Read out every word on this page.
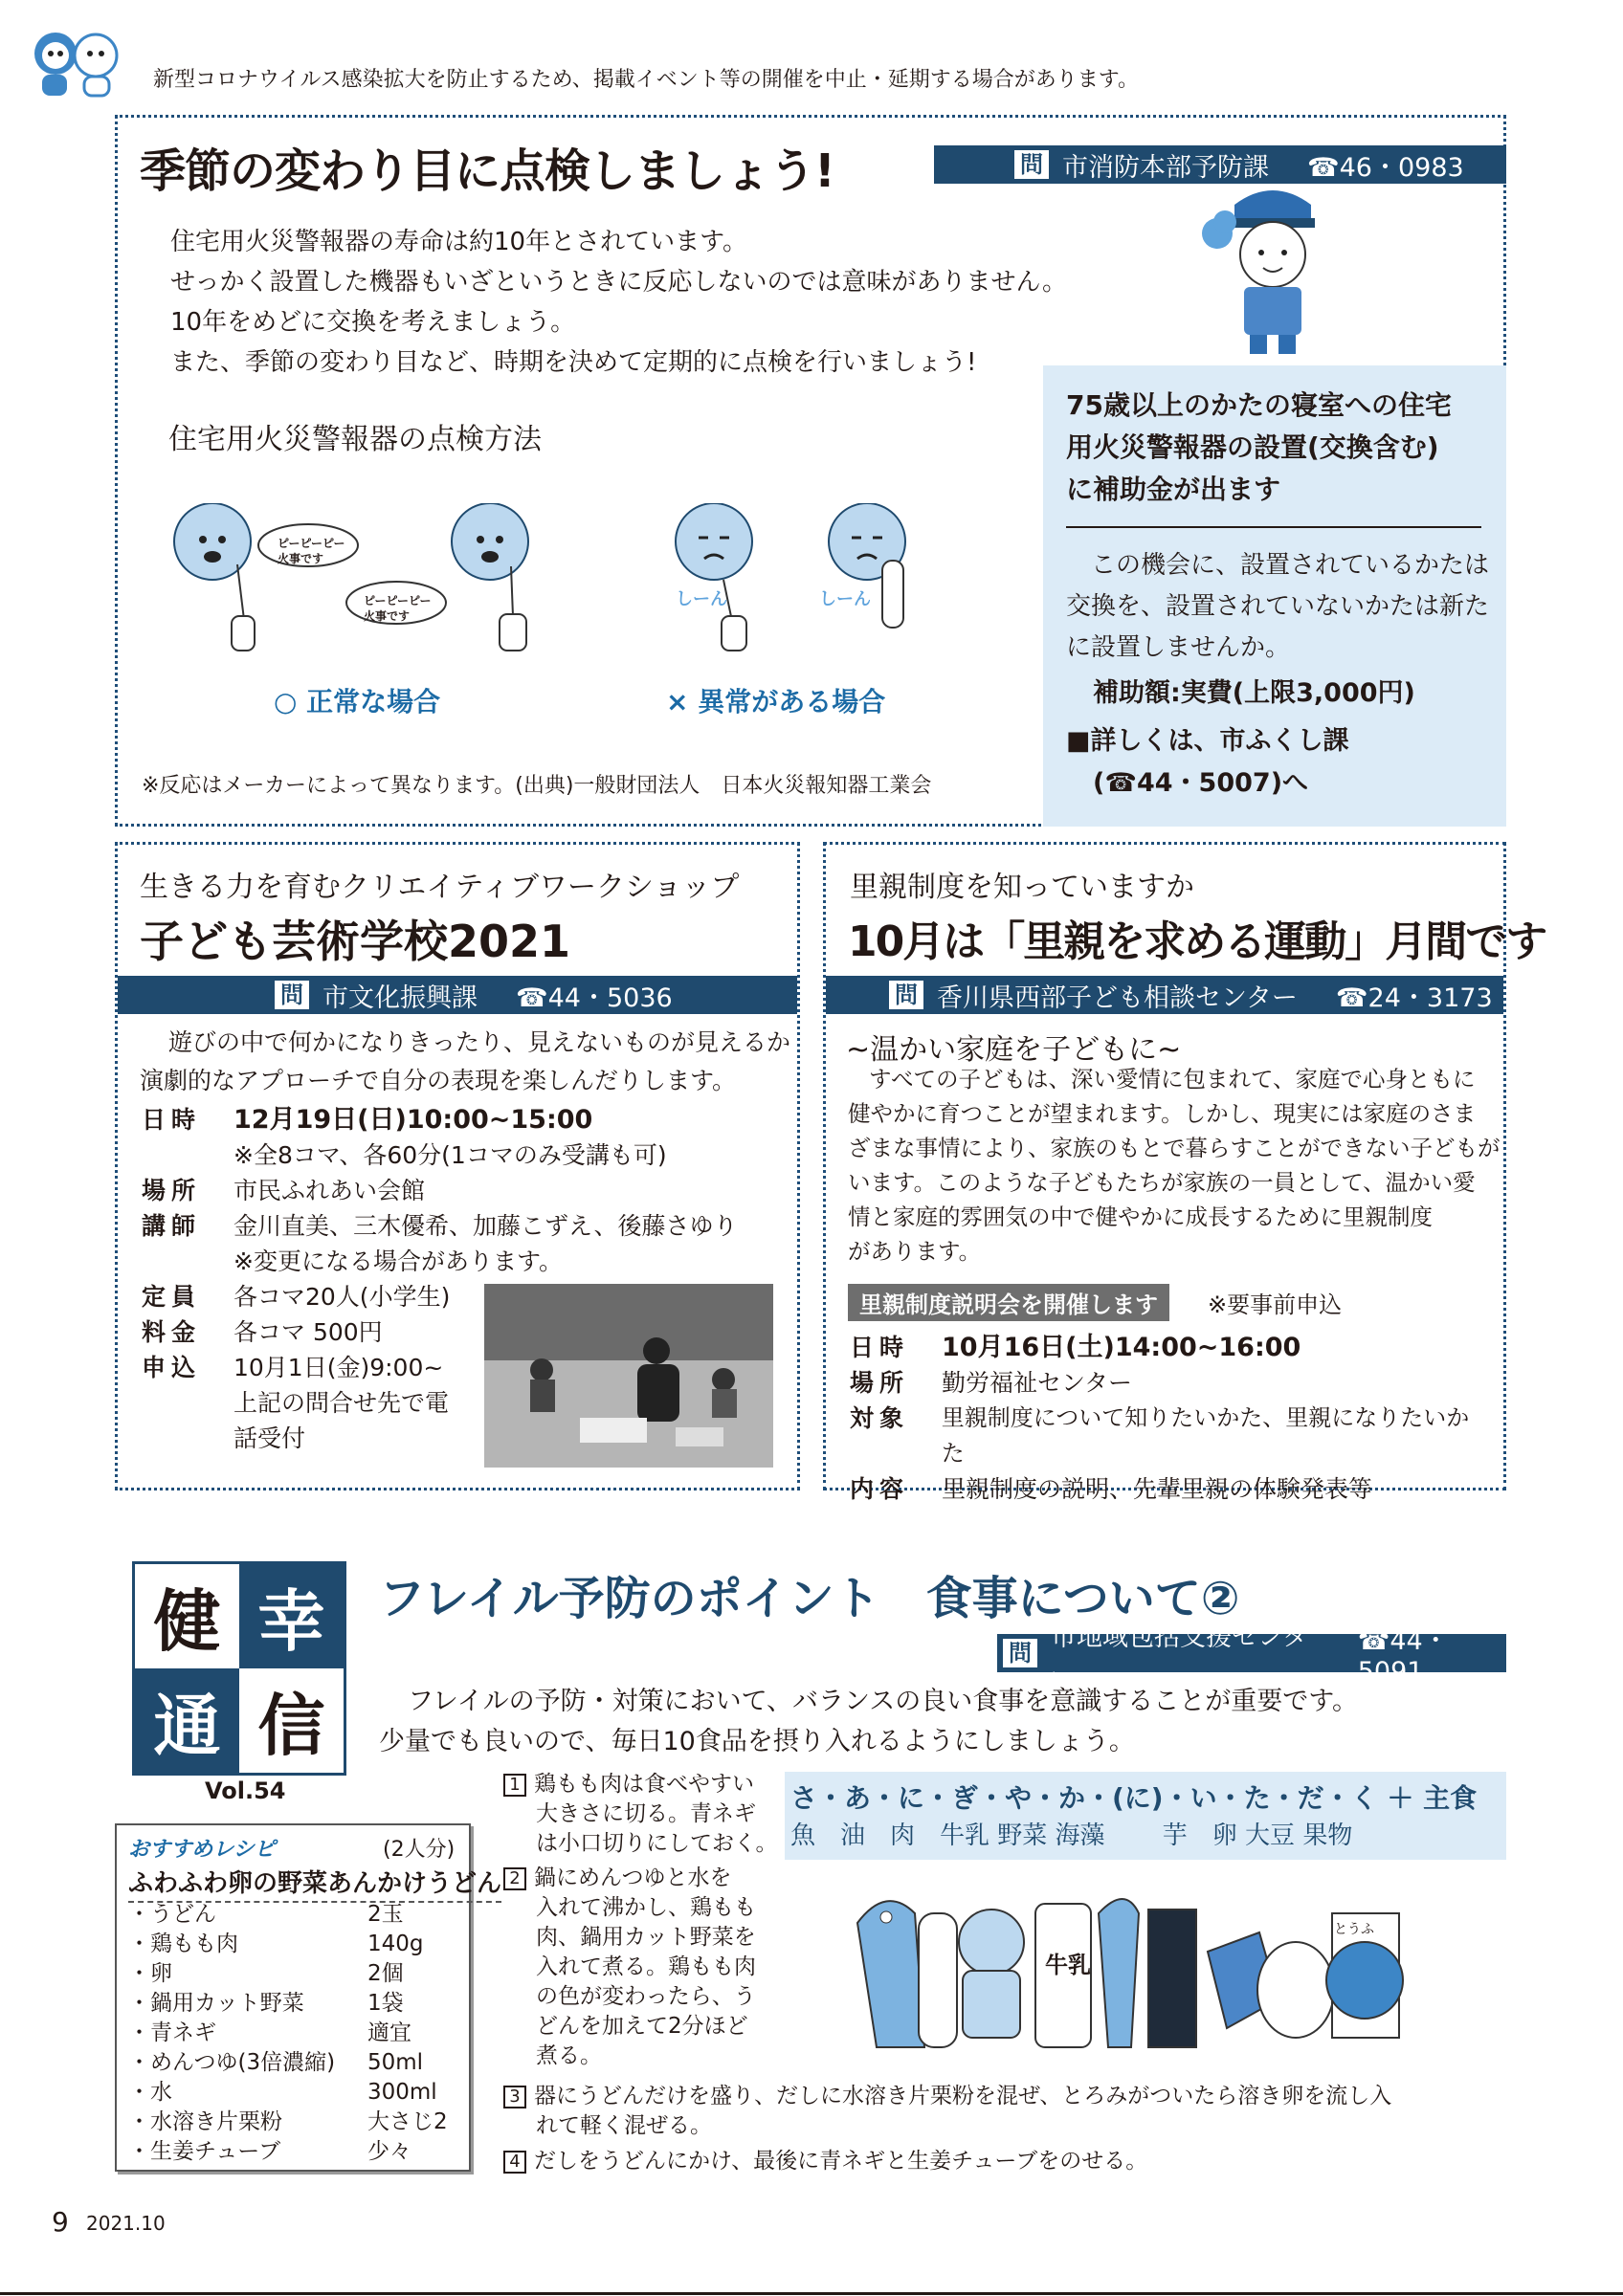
新型コロナウイルス感染拡大を防止するため、掲載イベント等の開催を中止・延期する場合があります。
季節の変わり目に点検しましょう!	問 市消防本部予防課 ☎46・0983
住宅用火災警報器の寿命は約10年とされています。
せっかく設置した機器もいざというときに反応しないのでは意味がありません。
10年をめどに交換を考えましょう。
また、季節の変わり目など、時期を決めて定期的に点検を行いましょう!
住宅用火災警報器の点検方法
75歳以上のかたの寝室への住宅
用火災警報器の設置(交換含む)
に補助金が出ます
この機会に、設置されているかたは
交換を、設置されていないかたは新た
に設置しませんか。
補助額:実費(上限3,000円)
■詳しくは、市ふくし課
(☎44・5007)へ
ピーピーピー 火事です
ピーピーピー 火事です
しーん	しーん
○ 正常な場合	× 異常がある場合
※反応はメーカーによって異なります。(出典)一般財団法人　日本火災報知器工業会
生きる力を育むクリエイティブワークショップ
子ども芸術学校2021
問 市文化振興課 ☎44・5036
遊びの中で何かになりきったり、見えないものが見えるか
演劇的なアプローチで自分の表現を楽しんだりします。
日時	12月19日(日)10:00~15:00
※全8コマ、各60分(1コマのみ受講も可)
場所	市民ふれあい会館
講師	金川直美、三木優希、加藤こずえ、後藤さゆり
※変更になる場合があります。
定員	各コマ20人(小学生)
料金	各コマ 500円
申込	10月1日(金)9:00~
上記の問合せ先で電
話受付
里親制度を知っていますか
10月は「里親を求める運動」月間です
問 香川県西部子ども相談センター ☎24・3173
~温かい家庭を子どもに~
すべての子どもは、深い愛情に包まれて、家庭で心身ともに
健やかに育つことが望まれます。しかし、現実には家庭のさま
ざまな事情により、家族のもとで暮らすことができない子どもが
います。このような子どもたちが家族の一員として、温かい愛
情と家庭的雰囲気の中で健やかに成長するために里親制度
があります。
里親制度説明会を開催します	※要事前申込
日時	10月16日(土)14:00~16:00
場所	勤労福祉センター
対象	里親制度について知りたいかた、里親になりたいかた
内容	里親制度の説明、先輩里親の体験発表等
健 幸
通 信
Vol.54
フレイル予防のポイント　食事について②
問
市地域包括支援センター
☎44・5091
フレイルの予防・対策において、バランスの良い食事を意識することが重要です。
少量でも良いので、毎日10食品を摂り入れるようにしましょう。
おすすめレシピ	(2人分)
ふわふわ卵の野菜あんかけうどん
・うどん	2玉
・鶏もも肉	140g
・卵	2個
・鍋用カット野菜	1袋
・青ネギ	適宜
・めんつゆ(3倍濃縮)	50ml
・水	300ml
・水溶き片栗粉	大さじ2
・生姜チューブ	少々
1 鶏もも肉は食べやすい
大きさに切る。青ネギ
は小口切りにしておく。
2 鍋にめんつゆと水を
入れて沸かし、鶏もも
肉、鍋用カット野菜を
入れて煮る。鶏もも肉
の色が変わったら、う
どんを加えて2分ほど
煮る。
3 器にうどんだけを盛り、だしに水溶き片栗粉を混ぜ、とろみがついたら溶き卵を流し入
れて軽く混ぜる。
4 だしをうどんにかけ、最後に青ネギと生姜チューブをのせる。
さ・あ・に・ぎ・や・か・(に)・い・た・だ・く ＋ 主食
魚　油　肉　牛乳 野菜 海藻　　 芋　卵 大豆 果物
牛乳
とうふ
9 2021.10
